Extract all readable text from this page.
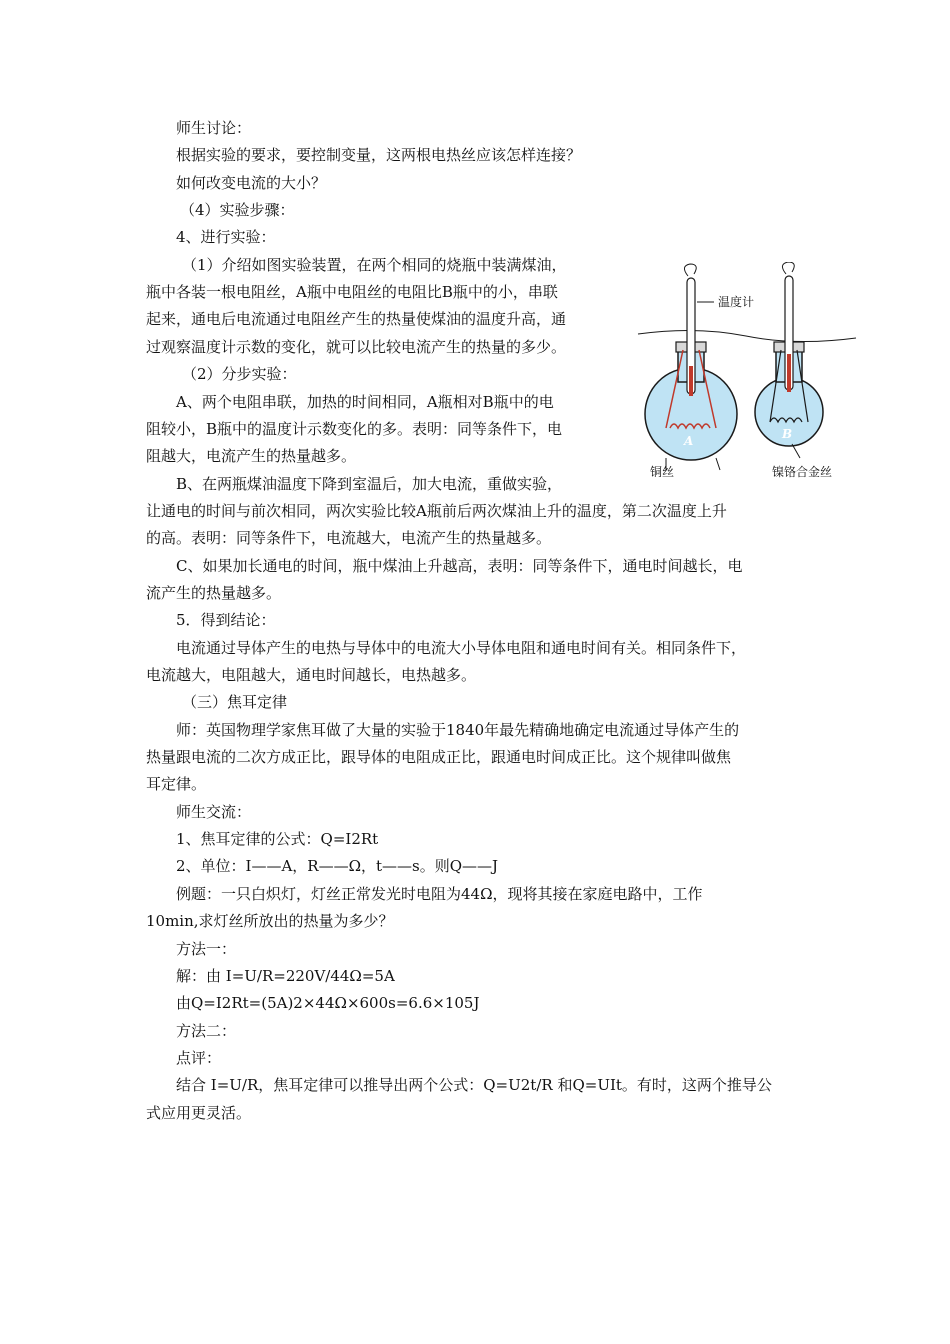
师生讨论：
根据实验的要求，要控制变量，这两根电热丝应该怎样连接？
如何改变电流的大小？
（4）实验步骤：
4、进行实验：
（1）介绍如图实验装置，在两个相同的烧瓶中装满煤油，
瓶中各装一根电阻丝，A瓶中电阻丝的电阻比B瓶中的小，串联
起来，通电后电流通过电阻丝产生的热量使煤油的温度升高，通
过观察温度计示数的变化，就可以比较电流产生的热量的多少。
（2）分步实验：
A、两个电阻串联，加热的时间相同，A瓶相对B瓶中的电
阻较小，B瓶中的温度计示数变化的多。表明：同等条件下，电
阻越大，电流产生的热量越多。
B、在两瓶煤油温度下降到室温后，加大电流，重做实验，
让通电的时间与前次相同，两次实验比较A瓶前后两次煤油上升的温度，第二次温度上升
的高。表明：同等条件下，电流越大，电流产生的热量越多。
C、如果加长通电的时间，瓶中煤油上升越高，表明：同等条件下，通电时间越长，电
流产生的热量越多。
5．得到结论：
电流通过导体产生的电热与导体中的电流大小导体电阻和通电时间有关。相同条件下，
电流越大，电阻越大，通电时间越长，电热越多。
（三）焦耳定律
师：英国物理学家焦耳做了大量的实验于1840年最先精确地确定电流通过导体产生的
热量跟电流的二次方成正比，跟导体的电阻成正比，跟通电时间成正比。这个规律叫做焦
耳定律。
师生交流：
1、焦耳定律的公式：Q=I2Rt
2、单位：I——A，R——Ω，t——s。则Q——J
例题：一只白炽灯，灯丝正常发光时电阻为44Ω，现将其接在家庭电路中，工作
10min,求灯丝所放出的热量为多少？
方法一：
解：由 I=U/R=220V/44Ω=5A
由Q=I2Rt=(5A)2×44Ω×600s=6.6×105J
方法二：
点评：
结合 I=U/R，焦耳定律可以推导出两个公式：Q=U2t/R 和Q=UIt。有时，这两个推导公
式应用更灵活。
A	B
温度计
铜丝	镍铬合金丝
